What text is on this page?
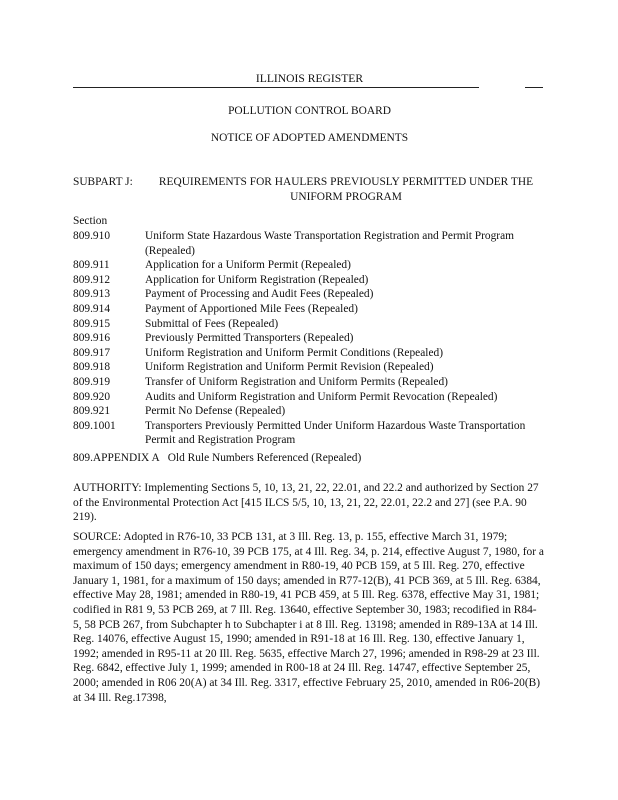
ILLINOIS REGISTER
POLLUTION CONTROL BOARD
NOTICE OF ADOPTED AMENDMENTS
SUBPART J:	REQUIREMENTS FOR HAULERS PREVIOUSLY PERMITTED UNDER THE UNIFORM PROGRAM
Section
809.910	Uniform State Hazardous Waste Transportation Registration and Permit Program (Repealed)
809.911	Application for a Uniform Permit (Repealed)
809.912	Application for Uniform Registration (Repealed)
809.913	Payment of Processing and Audit Fees (Repealed)
809.914	Payment of Apportioned Mile Fees (Repealed)
809.915	Submittal of Fees (Repealed)
809.916	Previously Permitted Transporters (Repealed)
809.917	Uniform Registration and Uniform Permit Conditions (Repealed)
809.918	Uniform Registration and Uniform Permit Revision (Repealed)
809.919	Transfer of Uniform Registration and Uniform Permits (Repealed)
809.920	Audits and Uniform Registration and Uniform Permit Revocation (Repealed)
809.921	Permit No Defense (Repealed)
809.1001	Transporters Previously Permitted Under Uniform Hazardous Waste Transportation Permit and Registration Program
809.APPENDIX A Old Rule Numbers Referenced (Repealed)
AUTHORITY: Implementing Sections 5, 10, 13, 21, 22, 22.01, and 22.2 and authorized by Section 27 of the Environmental Protection Act [415 ILCS 5/5, 10, 13, 21, 22, 22.01, 22.2 and 27] (see P.A. 90 219).
SOURCE: Adopted in R76-10, 33 PCB 131, at 3 Ill. Reg. 13, p. 155, effective March 31, 1979; emergency amendment in R76-10, 39 PCB 175, at 4 Ill. Reg. 34, p. 214, effective August 7, 1980, for a maximum of 150 days; emergency amendment in R80-19, 40 PCB 159, at 5 Ill. Reg. 270, effective January 1, 1981, for a maximum of 150 days; amended in R77-12(B), 41 PCB 369, at 5 Ill. Reg. 6384, effective May 28, 1981; amended in R80-19, 41 PCB 459, at 5 Ill. Reg. 6378, effective May 31, 1981; codified in R81 9, 53 PCB 269, at 7 Ill. Reg. 13640, effective September 30, 1983; recodified in R84-5, 58 PCB 267, from Subchapter h to Subchapter i at 8 Ill. Reg. 13198; amended in R89-13A at 14 Ill. Reg. 14076, effective August 15, 1990; amended in R91-18 at 16 Ill. Reg. 130, effective January 1, 1992; amended in R95-11 at 20 Ill. Reg. 5635, effective March 27, 1996; amended in R98-29 at 23 Ill. Reg. 6842, effective July 1, 1999; amended in R00-18 at 24 Ill. Reg. 14747, effective September 25, 2000; amended in R06 20(A) at 34 Ill. Reg. 3317, effective February 25, 2010, amended in R06-20(B) at 34 Ill. Reg.17398,
